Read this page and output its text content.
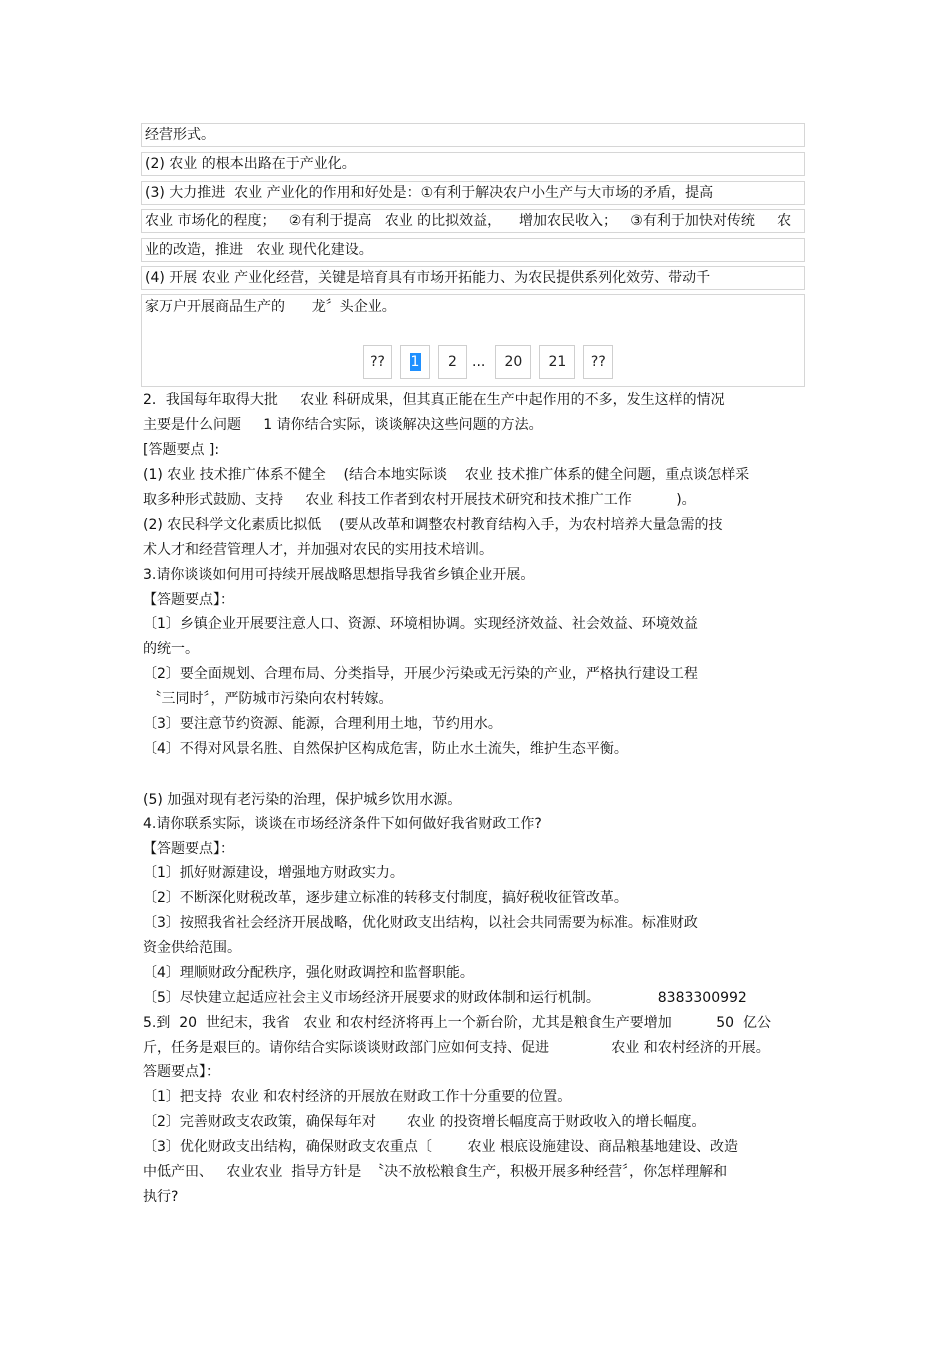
经营形式。
(2) 农业 的根本出路在于产业化。
(3) 大力推进  农业 产业化的作用和好处是：①有利于解决农户小生产与大市场的矛盾，提高
农业 市场化的程度；   ②有利于提高   农业 的比拟效益，    增加农民收入；   ③有利于加快对传统     农
业的改造，推进   农业 现代化建设。
(4) 开展 农业 产业化经营，关键是培育具有市场开拓能力、为农民提供系列化效劳、带动千
家万户开展商品生产的      龙〞头企业。
??	1	2	...	20	21	??
2．我国每年取得大批     农业 科研成果，但其真正能在生产中起作用的不多，发生这样的情况
主要是什么问题     1 请你结合实际，谈谈解决这些问题的方法。
[答题要点 ]:
(1) 农业 技术推广体系不健全    (结合本地实际谈    农业 技术推广体系的健全问题，重点谈怎样采
取多种形式鼓励、支持     农业 科技工作者到农村开展技术研究和技术推广工作          )。
(2) 农民科学文化素质比拟低    (要从改革和调整农村教育结构入手，为农村培养大量急需的技
术人才和经营管理人才，并加强对农民的实用技术培训。
3.请你谈谈如何用可持续开展战略思想指导我省乡镇企业开展。
【答题要点】：
〔1〕乡镇企业开展要注意人口、资源、环境相协调。实现经济效益、社会效益、环境效益
的统一。
〔2〕要全面规划、合理布局、分类指导，开展少污染或无污染的产业，严格执行建设工程
〝三同时〞，严防城市污染向农村转嫁。
〔3〕要注意节约资源、能源，合理利用土地，节约用水。
〔4〕不得对风景名胜、自然保护区构成危害，防止水土流失，维护生态平衡。
(5) 加强对现有老污染的治理，保护城乡饮用水源。
4.请你联系实际，谈谈在市场经济条件下如何做好我省财政工作?
【答题要点】：
〔1〕抓好财源建设，增强地方财政实力。
〔2〕不断深化财税改革，逐步建立标准的转移支付制度，搞好税收征管改革。
〔3〕按照我省社会经济开展战略，优化财政支出结构，以社会共同需要为标准。标准财政
资金供给范围。
〔4〕理顺财政分配秩序，强化财政调控和监督职能。
〔5〕尽快建立起适应社会主义市场经济开展要求的财政体制和运行机制。             8383300992
5.到  20  世纪末，我省   农业 和农村经济将再上一个新台阶，尤其是粮食生产要增加          50  亿公
斤，任务是艰巨的。请你结合实际谈谈财政部门应如何支持、促进              农业 和农村经济的开展。
答题要点】：
〔1〕把支持  农业 和农村经济的开展放在财政工作十分重要的位置。
〔2〕完善财政支农政策，确保每年对       农业 的投资增长幅度高于财政收入的增长幅度。
〔3〕优化财政支出结构，确保财政支农重点〔        农业 根底设施建设、商品粮基地建设、改造
中低产田、   农业农业  指导方针是  〝决不放松粮食生产，积极开展多种经营〞，你怎样理解和
执行?
